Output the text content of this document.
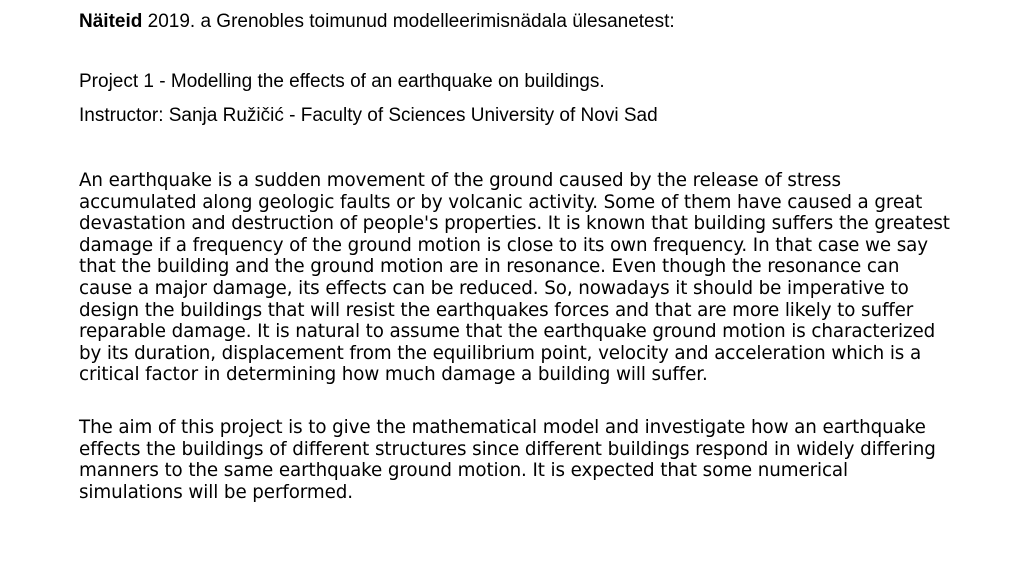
Näiteid 2019. a Grenobles toimunud modelleerimisnädala ülesanetest:
Project 1 - Modelling the effects of an earthquake on buildings.
Instructor: Sanja Ružičić - Faculty of Sciences University of Novi Sad

An earthquake is a sudden movement of the ground caused by the release of stress accumulated along geologic faults or by volcanic activity. Some of them have caused a great devastation and destruction of people's properties. It is known that building suffers the greatest damage if a frequency of the ground motion is close to its own frequency. In that case we say that the building and the ground motion are in resonance. Even though the resonance can cause a major damage, its effects can be reduced. So, nowadays it should be imperative to design the buildings that will resist the earthquakes forces and that are more likely to suffer reparable damage. It is natural to assume that the earthquake ground motion is characterized by its duration, displacement from the equilibrium point, velocity and acceleration which is a critical factor in determining how much damage a building will suffer.

The aim of this project is to give the mathematical model and investigate how an earthquake effects the buildings of different structures since different buildings respond in widely differing manners to the same earthquake ground motion. It is expected that some numerical simulations will be performed.
